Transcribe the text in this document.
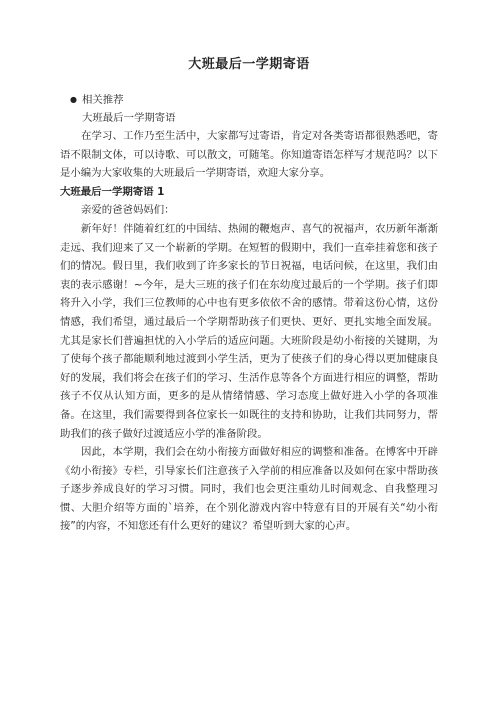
大班最后一学期寄语
● 相关推荐
大班最后一学期寄语

在学习、工作乃至生活中，大家都写过寄语，肯定对各类寄语都很熟悉吧，寄语不限制文体，可以诗歌、可以散文，可随笔。你知道寄语怎样写才规范吗？以下是小编为大家收集的大班最后一学期寄语，欢迎大家分享。

大班最后一学期寄语 1

亲爱的爸爸妈妈们：

新年好！伴随着红红的中国结、热闹的鞭炮声、喜气的祝福声，农历新年渐渐走远、我们迎来了又一个崭新的学期。在短暂的假期中，我们一直牵挂着您和孩子们的情况。假日里，我们收到了许多家长的节日祝福，电话问候，在这里，我们由衷的表示感谢！~今年，是大三班的孩子们在东幼度过最后的一个学期。孩子们即将升入小学，我们三位教师的心中也有更多依依不舍的感情。带着这份心情，这份情感，我们希望，通过最后一个学期帮助孩子们更快、更好、更扎实地全面发展。尤其是家长们普遍担忧的入小学后的适应问题。大班阶段是幼小衔接的关键期，为了使每个孩子都能顺利地过渡到小学生活，更为了使孩子们的身心得以更加健康良好的发展，我们将会在孩子们的学习、生活作息等各个方面进行相应的调整，帮助孩子不仅从认知方面，更多的是从情绪情感、学习态度上做好进入小学的各项准备。在这里，我们需要得到各位家长一如既往的支持和协助，让我们共同努力，帮助我们的孩子做好过渡适应小学的准备阶段。

因此，本学期，我们会在幼小衔接方面做好相应的调整和准备。在博客中开辟《幼小衔接》专栏，引导家长们注意孩子入学前的相应准备以及如何在家中帮助孩子逐步养成良好的学习习惯。同时，我们也会更注重幼儿时间观念、自我整理习惯、大胆介绍等方面的`培养，在个别化游戏内容中特意有目的开展有关“幼小衔接”的内容，不知您还有什么更好的建议？希望听到大家的心声。
